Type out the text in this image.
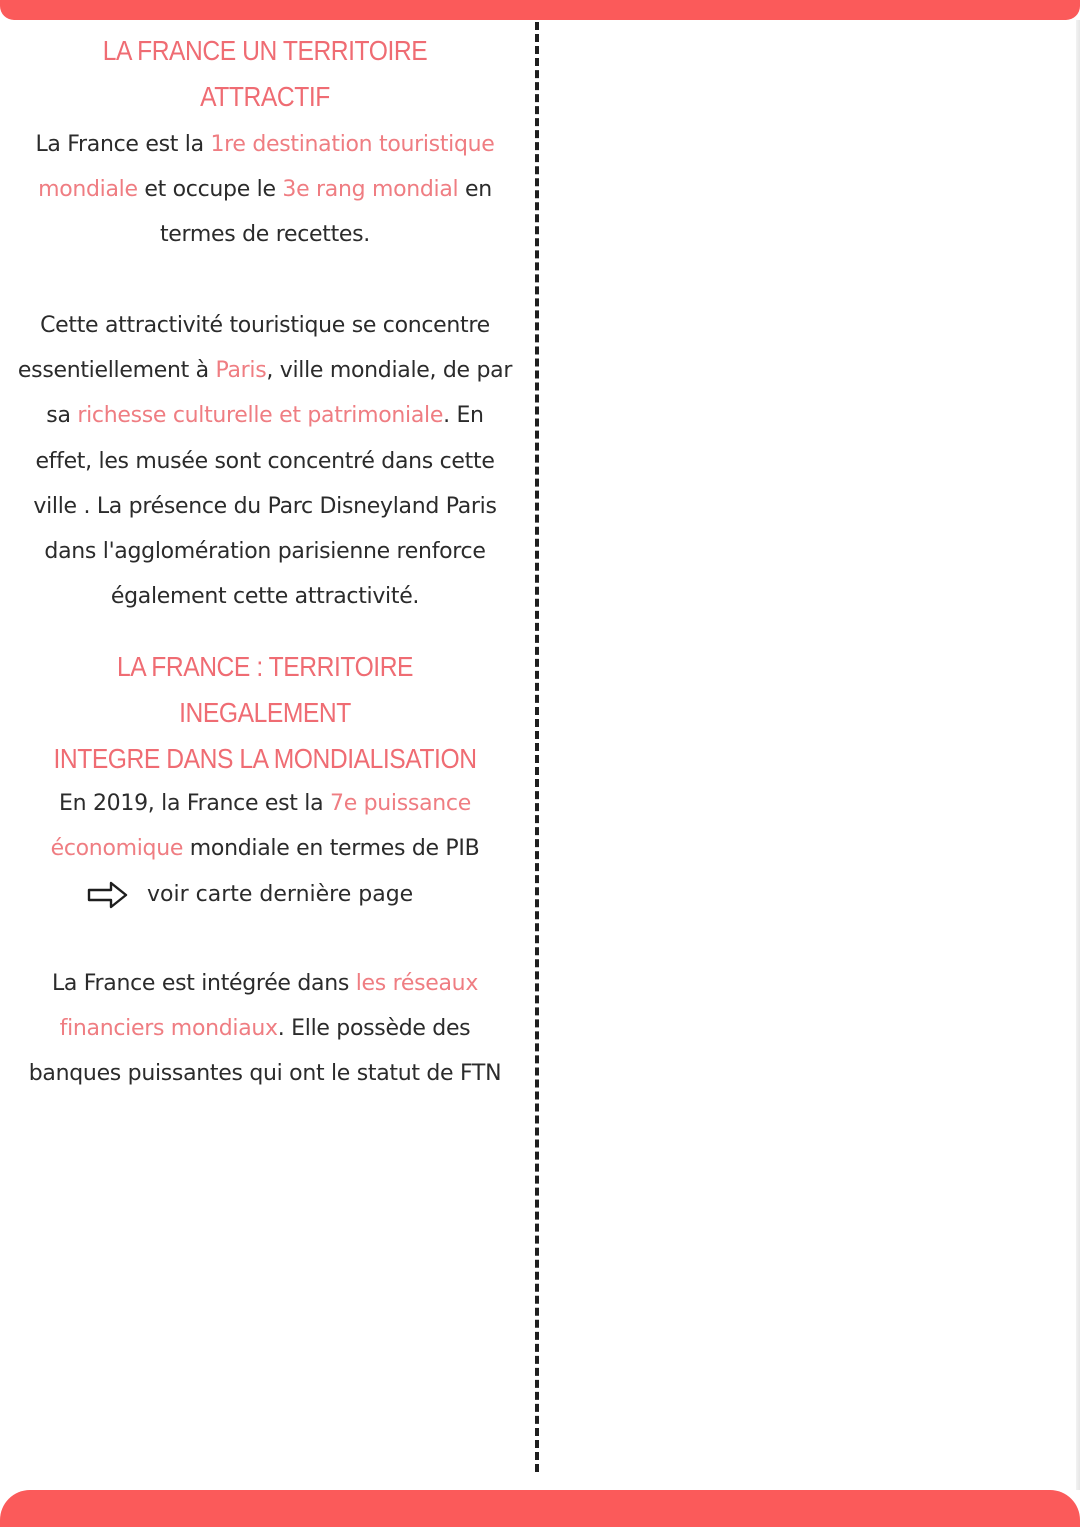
LA FRANCE UN TERRITOIRE ATTRACTIF

La France est la 1re destination touristique mondiale et occupe le 3e rang mondial en termes de recettes.

Cette attractivité touristique se concentre essentiellement à Paris, ville mondiale, de par sa richesse culturelle et patrimoniale. En effet, les musée sont concentré dans cette ville . La présence du Parc Disneyland Paris dans l'agglomération parisienne renforce également cette attractivité.

LA FRANCE : TERRITOIRE INEGALEMENT
INTEGRE DANS LA MONDIALISATION

En 2019, la France est la 7e puissance économique mondiale en termes de PIB

voir carte dernière page

La France est intégrée dans les réseaux financiers mondiaux. Elle possède des banques puissantes qui ont le statut de FTN
